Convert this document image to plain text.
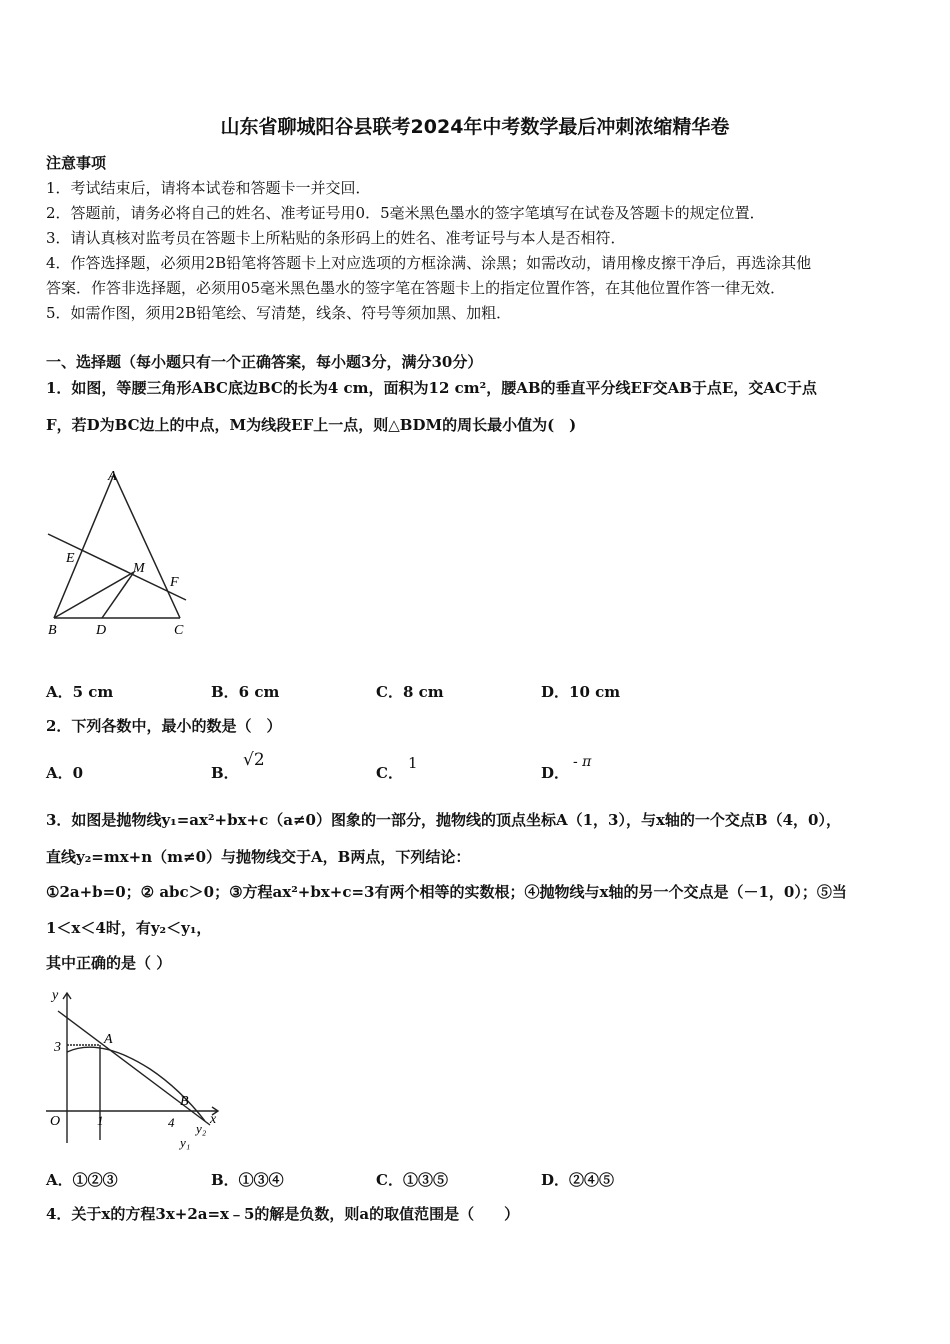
山东省聊城阳谷县联考2024年中考数学最后冲刺浓缩精华卷
注意事项
1．考试结束后，请将本试卷和答题卡一并交回．
2．答题前，请务必将自己的姓名、准考证号用0．5毫米黑色墨水的签字笔填写在试卷及答题卡的规定位置．
3．请认真核对监考员在答题卡上所粘贴的条形码上的姓名、准考证号与本人是否相符．
4．作答选择题，必须用2B铅笔将答题卡上对应选项的方框涂满、涂黑；如需改动，请用橡皮擦干净后，再选涂其他
答案．作答非选择题，必须用05毫米黑色墨水的签字笔在答题卡上的指定位置作答，在其他位置作答一律无效．
5．如需作图，须用2B铅笔绘、写清楚，线条、符号等须加黑、加粗．
一、选择题（每小题只有一个正确答案，每小题3分，满分30分）
1．如图，等腰三角形ABC底边BC的长为4 cm，面积为12 cm²，腰AB的垂直平分线EF交AB于点E，交AC于点
F，若D为BC边上的中点，M为线段EF上一点，则△BDM的周长最小值为(　)
A
E
M
F
B	D	C
A．5 cm	B．6 cm	C．8 cm	D．10 cm
2．下列各数中，最小的数是（　）
A．0	B．
√2
C．
1
D．
- π
3．如图是抛物线y₁=ax²+bx+c（a≠0）图象的一部分，抛物线的顶点坐标A（1，3），与x轴的一个交点B（4，0），
直线y₂=mx+n（m≠0）与抛物线交于A，B两点，下列结论：
①2a+b=0；② abc＞0；③方程ax²+bx+c=3有两个相等的实数根；④抛物线与x轴的另一个交点是（－1，0）；⑤当
1＜x＜4时，有y₂＜y₁，
其中正确的是（ ）
y
3
A
B
O	1	4	x
y₂
y₁
A．①②③	B．①③④	C．①③⑤	D．②④⑤
4．关于x的方程3x+2a=x﹣5的解是负数，则a的取值范围是（　　）
